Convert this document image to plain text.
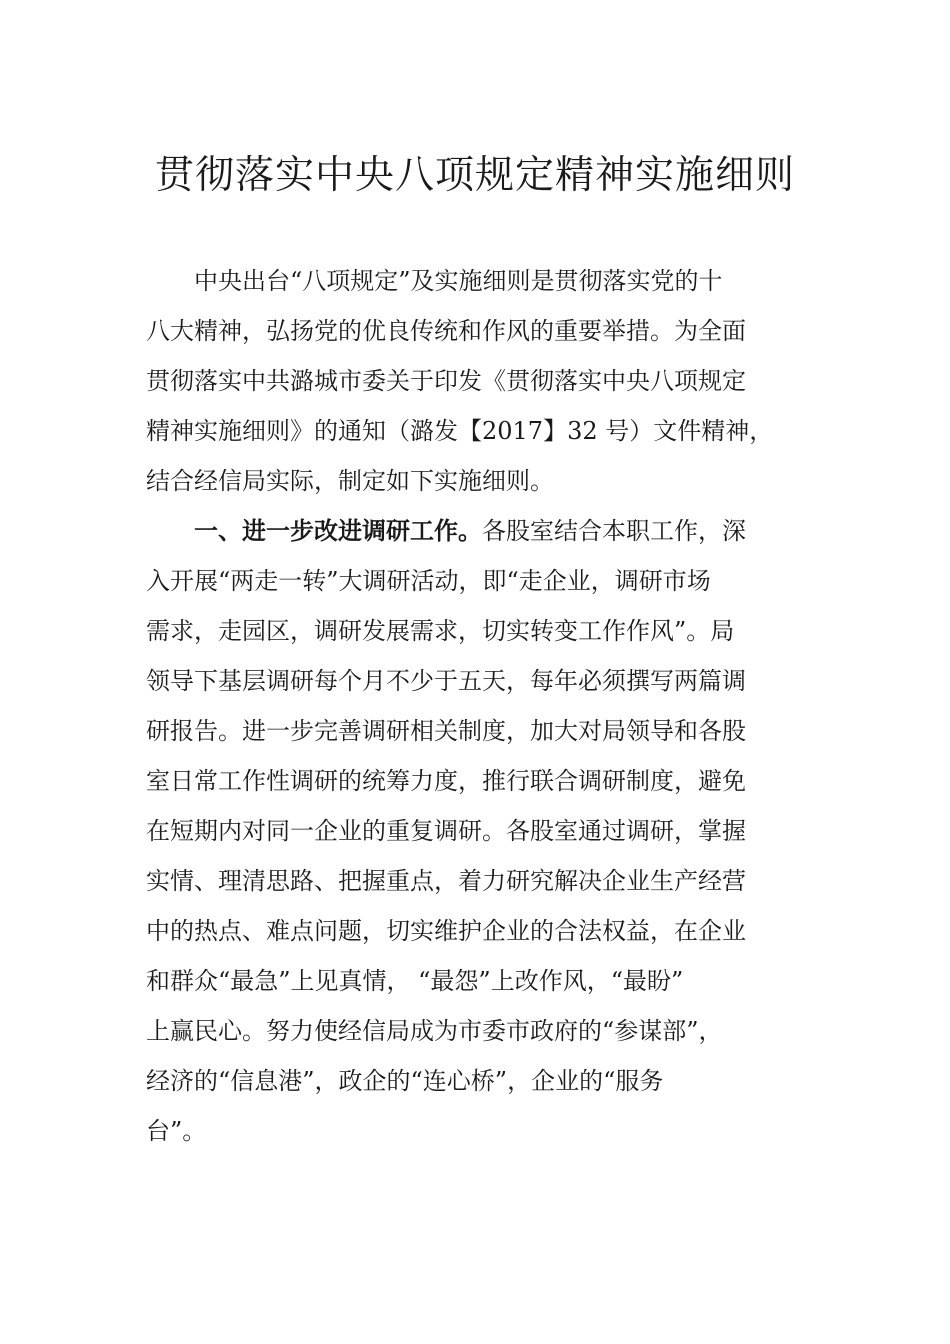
贯彻落实中央八项规定精神实施细则

中央出台“八项规定”及实施细则是贯彻落实党的十

八大精神，弘扬党的优良传统和作风的重要举措。为全面

贯彻落实中共潞城市委关于印发《贯彻落实中央八项规定

精神实施细则》的通知（潞发【2017】32 号）文件精神，

结合经信局实际，制定如下实施细则。

一、进一步改进调研工作。各股室结合本职工作，深

入开展“两走一转”大调研活动，即“走企业，调研市场

需求，走园区，调研发展需求，切实转变工作作风”。局

领导下基层调研每个月不少于五天，每年必须撰写两篇调

研报告。进一步完善调研相关制度，加大对局领导和各股

室日常工作性调研的统筹力度，推行联合调研制度，避免

在短期内对同一企业的重复调研。各股室通过调研，掌握

实情、理清思路、把握重点，着力研究解决企业生产经营

中的热点、难点问题，切实维护企业的合法权益，在企业

和群众“最急”上见真情， “最怨”上改作风，“最盼”

上赢民心。努力使经信局成为市委市政府的“参谋部”，

经济的“信息港”，政企的“连心桥”，企业的“服务

台”。
